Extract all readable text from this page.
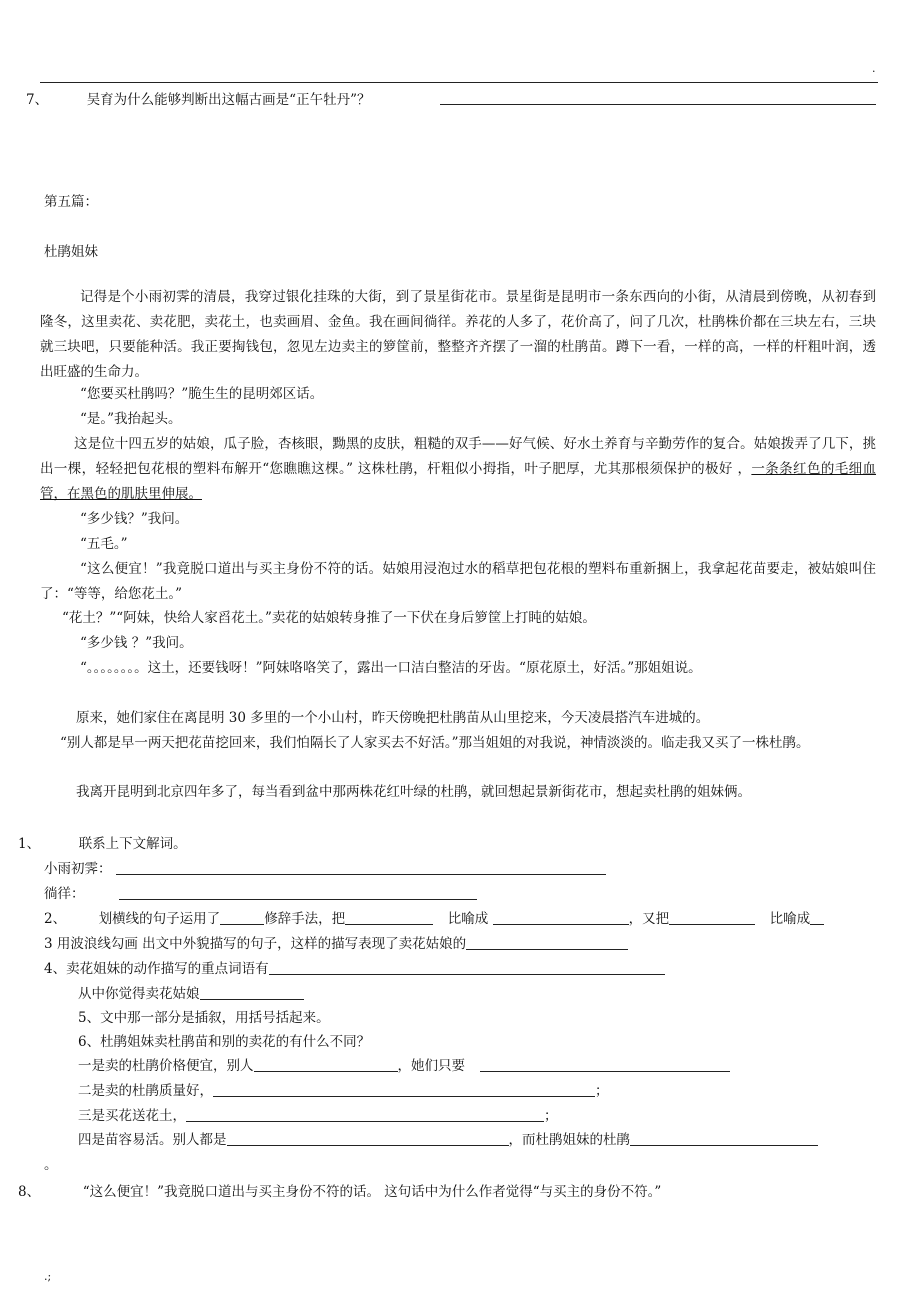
.
7、	吴育为什么能够判断出这幅古画是“正午牡丹”？
第五篇：
杜鹃姐妹
记得是个小雨初霁的清晨，我穿过银化挂珠的大街，到了景星街花市。景星街是昆明市一条东西向的小街，从清晨到傍晚，从初春到隆冬，这里卖花、卖花肥，卖花土，也卖画眉、金鱼。我在画间徜徉。养花的人多了，花价高了，问了几次，杜鹃株价都在三块左右，三块就三块吧，只要能种活。我正要掏钱包，忽见左边卖主的箩筐前，整整齐齐摆了一溜的杜鹃苗。蹲下一看，一样的高，一样的杆粗叶润，透出旺盛的生命力。
“您要买杜鹃吗？”脆生生的昆明郊区话。
“是。”我抬起头。
这是位十四五岁的姑娘，瓜子脸，杏核眼，黝黑的皮肤，粗糙的双手——好气候、好水土养育与辛勤劳作的复合。姑娘拨弄了几下，挑出一棵，轻轻把包花根的塑料布解开“您瞧瞧这棵。” 这株杜鹃，杆粗似小拇指，叶子肥厚，尤其那根须保护的极好 ，一条条红色的毛细血管，在黑色的肌肤里伸展。
“多少钱？”我问。
“五毛。”
“这么便宜！”我竟脱口道出与买主身份不符的话。姑娘用浸泡过水的稻草把包花根的塑料布重新捆上，我拿起花苗要走，被姑娘叫住了：“等等，给您花土。”
“花土？”“阿妹，快给人家舀花土。”卖花的姑娘转身推了一下伏在身后箩筐上打盹的姑娘。
“多少钱 ？”我问。
“。。。。。。。。这土，还要钱呀！”阿妹咯咯笑了，露出一口洁白整洁的牙齿。“原花原土，好活。”那姐姐说。
原来，她们家住在离昆明 30 多里的一个小山村，昨天傍晚把杜鹃苗从山里挖来，今天凌晨搭汽车进城的。
“别人都是早一两天把花苗挖回来，我们怕隔长了人家买去不好活。”那当姐姐的对我说，神情淡淡的。临走我又买了一株杜鹃。
我离开昆明到北京四年多了，每当看到盆中那两株花红叶绿的杜鹃，就回想起景新街花市，想起卖杜鹃的姐妹俩。
1、	联系上下文解词。
小雨初霁：
徜徉：
2、 划横线的句子运用了	修辞手法，把	比喻成	，又把	比喻成
3 用波浪线勾画 出文中外貌描写的句子，这样的描写表现了卖花姑娘的
4、卖花姐妹的动作描写的重点词语有
从中你觉得卖花姑娘
5、文中那一部分是插叙，用括号括起来。
6、杜鹃姐妹卖杜鹃苗和别的卖花的有什么不同？
一是卖的杜鹃价格便宜，别人	，她们只要
二是卖的杜鹃质量好，	；
三是买花送花土，	；
四是苗容易活。别人都是	，而杜鹃姐妹的杜鹃
。
8、	“这么便宜！”我竟脱口道出与买主身份不符的话。 这句话中为什么作者觉得“与买主的身份不符。”
.;
